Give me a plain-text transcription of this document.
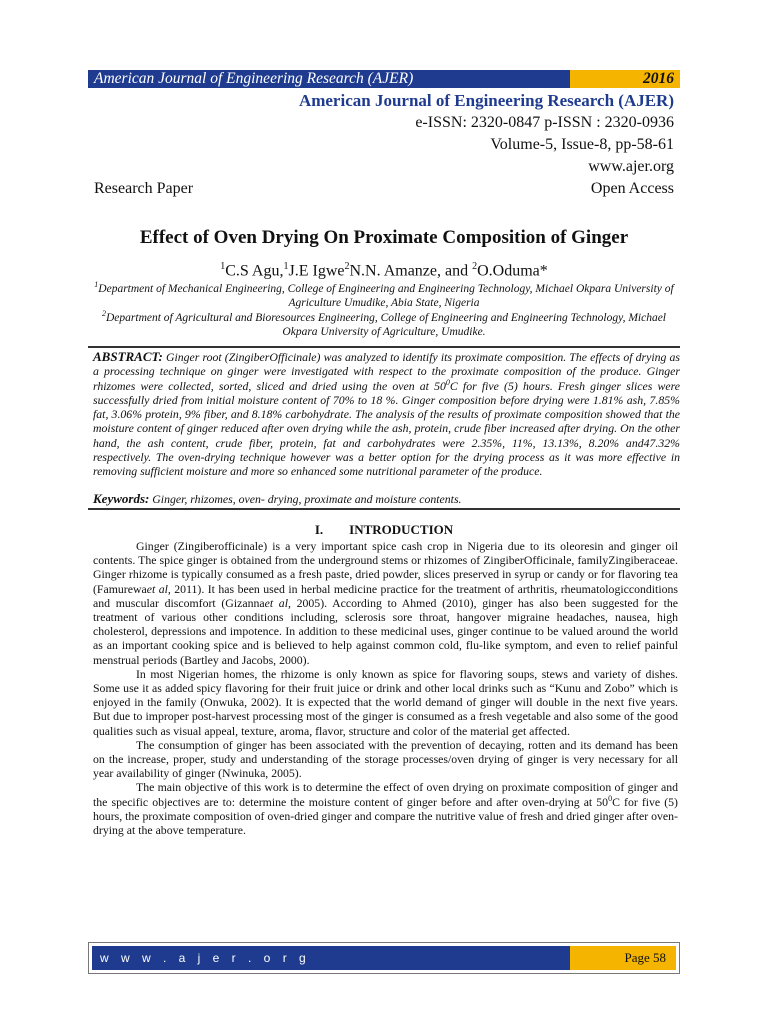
American Journal of Engineering Research (AJER)	2016
American Journal of Engineering Research (AJER)
e-ISSN: 2320-0847 p-ISSN : 2320-0936
Volume-5, Issue-8, pp-58-61
www.ajer.org
Research Paper	Open Access
Effect of Oven Drying On Proximate Composition of Ginger
$^1$C.S Agu,$^1$J.E Igwe$^2$N.N. Amanze, and $^2$O.Oduma*
$^1$Department of Mechanical Engineering, College of Engineering and Engineering Technology, Michael Okpara University of Agriculture Umudike, Abia State, Nigeria
$^2$Department of Agricultural and Bioresources Engineering, College of Engineering and Engineering Technology, Michael Okpara University of Agriculture, Umudike.
ABSTRACT: Ginger root (ZingiberOfficinale) was analyzed to identify its proximate composition. The effects of drying as a processing technique on ginger were investigated with respect to the proximate composition of the produce. Ginger rhizomes were collected, sorted, sliced and dried using the oven at $50^0C$ for five (5) hours. Fresh ginger slices were successfully dried from initial moisture content of 70% to 18 %. Ginger composition before drying were 1.81% ash, 7.85% fat, 3.06% protein, 9% fiber, and 8.18% carbohydrate. The analysis of the results of proximate composition showed that the moisture content of ginger reduced after oven drying while the ash, protein, crude fiber increased after drying. On the other hand, the ash content, crude fiber, protein, fat and carbohydrates were 2.35%, 11%, 13.13%, 8.20% and47.32% respectively. The oven-drying technique however was a better option for the drying process as it was more effective in removing sufficient moisture and more so enhanced some nutritional parameter of the produce.
Keywords: Ginger, rhizomes, oven- drying, proximate and moisture contents.
I. INTRODUCTION

Ginger (Zingiberofficinale) is a very important spice cash crop in Nigeria due to its oleoresin and ginger oil contents. The spice ginger is obtained from the underground stems or rhizomes of ZingiberOfficinale, familyZingiberaceae. Ginger rhizome is typically consumed as a fresh paste, dried powder, slices preserved in syrup or candy or for flavoring tea (Famurewaet al, 2011). It has been used in herbal medicine practice for the treatment of arthritis, rheumatologicconditions and muscular discomfort (Gizannaet al, 2005). According to Ahmed (2010), ginger has also been suggested for the treatment of various other conditions including, sclerosis sore throat, hangover migraine headaches, nausea, high cholesterol, depressions and impotence. In addition to these medicinal uses, ginger continue to be valued around the world as an important cooking spice and is believed to help against common cold, flu-like symptom, and even to relief painful menstrual periods (Bartley and Jacobs, 2000).

In most Nigerian homes, the rhizome is only known as spice for flavoring soups, stews and variety of dishes. Some use it as added spicy flavoring for their fruit juice or drink and other local drinks such as “Kunu and Zobo” which is enjoyed in the family (Onwuka, 2002). It is expected that the world demand of ginger will double in the next five years. But due to improper post-harvest processing most of the ginger is consumed as a fresh vegetable and also some of the good qualities such as visual appeal, texture, aroma, flavor, structure and color of the material get affected.

The consumption of ginger has been associated with the prevention of decaying, rotten and its demand has been on the increase, proper, study and understanding of the storage processes/oven drying of ginger is very necessary for all year availability of ginger (Nwinuka, 2005).

The main objective of this work is to determine the effect of oven drying on proximate composition of ginger and the specific objectives are to: determine the moisture content of ginger before and after oven-drying at $50^0C$ for five (5) hours, the proximate composition of oven-dried ginger and compare the nutritive value of fresh and dried ginger after oven-drying at the above temperature.

w w w . a j e r . o r g	Page 58
